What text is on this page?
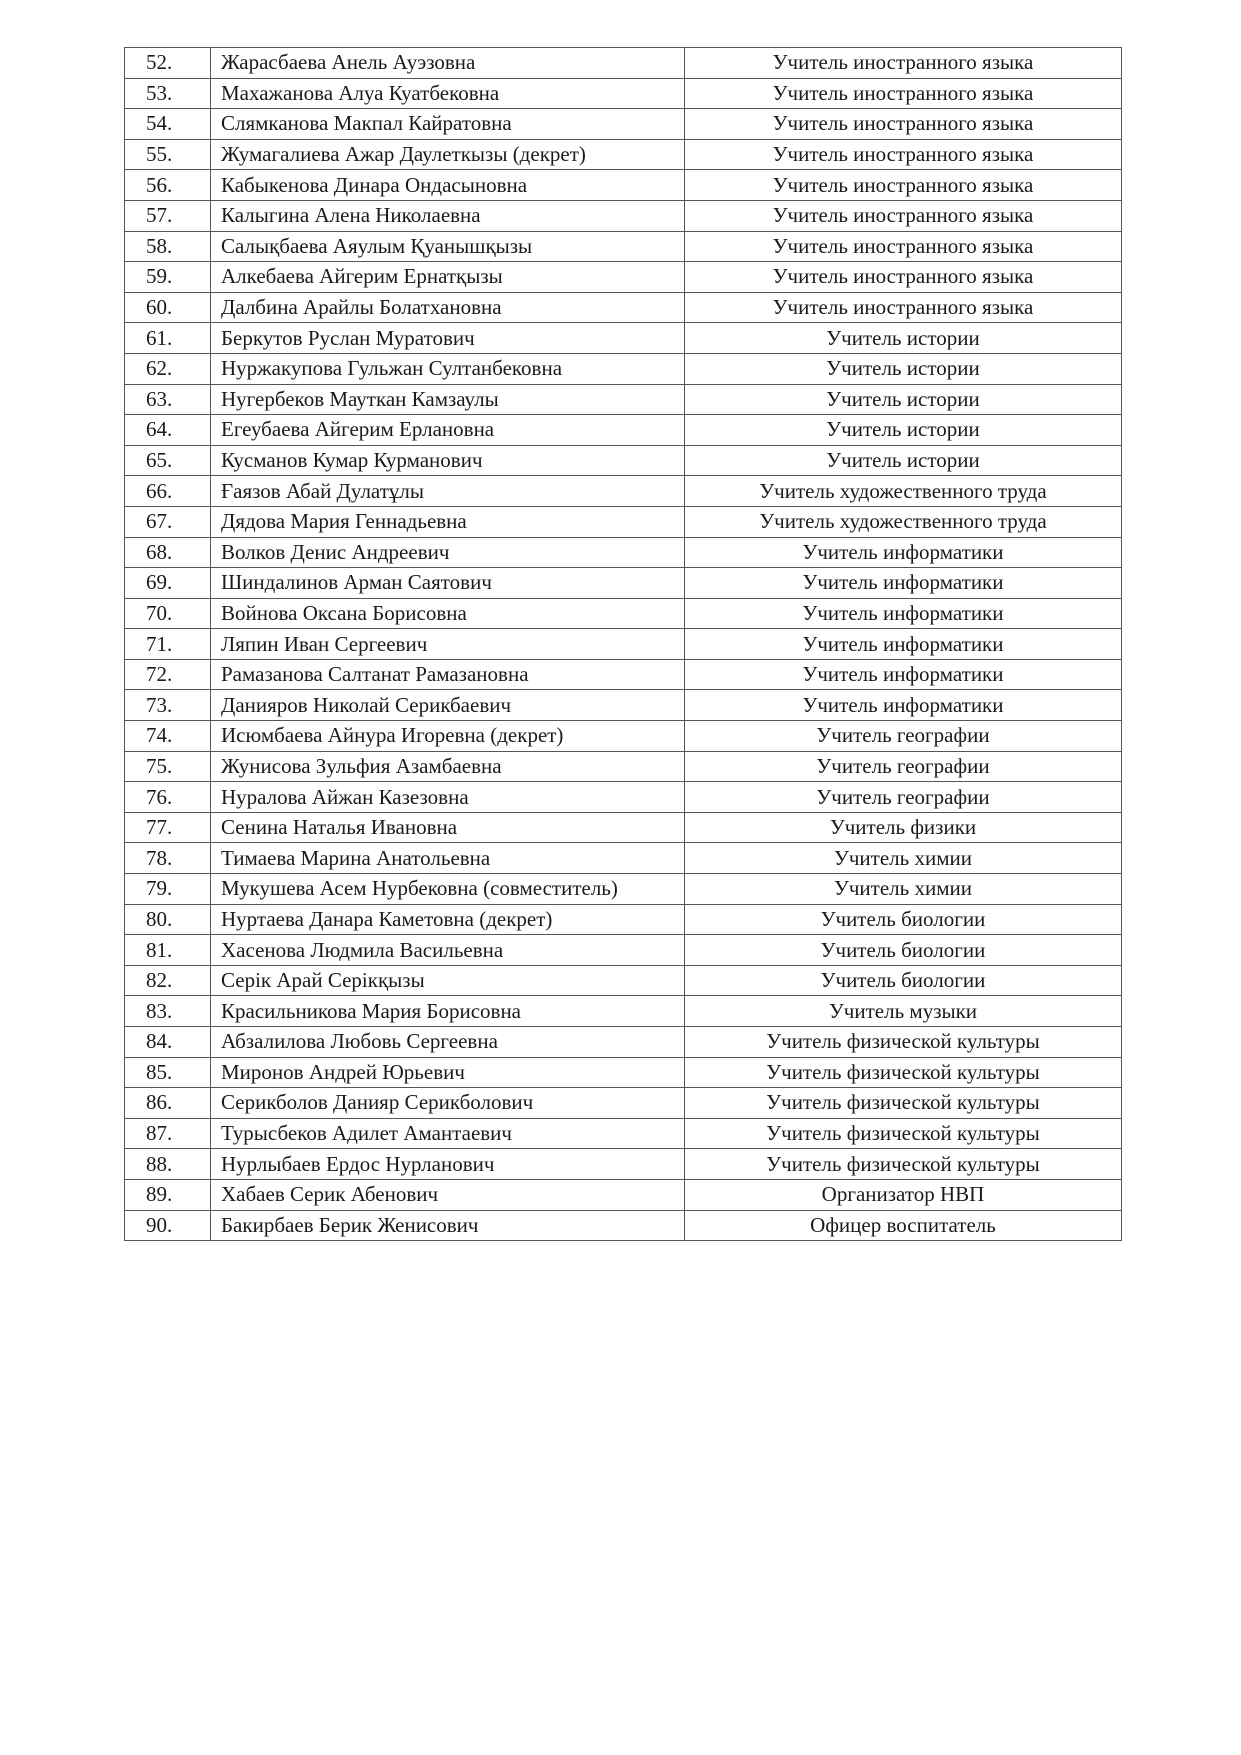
52.	Жарасбаева Анель Ауэзовна	Учитель иностранного языка
53.	Махажанова Алуа Куатбековна	Учитель иностранного языка
54.	Слямканова Макпал Кайратовна	Учитель иностранного языка
55.	Жумагалиева Ажар Даулеткызы (декрет)	Учитель иностранного языка
56.	Кабыкенова Динара Ондасыновна	Учитель иностранного языка
57.	Калыгина Алена Николаевна	Учитель иностранного языка
58.	Салықбаева Аяулым Қуанышқызы	Учитель иностранного языка
59.	Алкебаева Айгерим Ернатқызы	Учитель иностранного языка
60.	Далбина Арайлы Болатхановна	Учитель иностранного языка
61.	Беркутов Руслан Муратович	Учитель истории
62.	Нуржакупова Гульжан Султанбековна	Учитель истории
63.	Нугербеков Мауткан Камзаулы	Учитель истории
64.	Егеубаева Айгерим Ерлановна	Учитель истории
65.	Кусманов Кумар Курманович	Учитель истории
66.	Ғаязов Абай Дулатұлы	Учитель художественного труда
67.	Дядова Мария Геннадьевна	Учитель художественного труда
68.	Волков Денис Андреевич	Учитель информатики
69.	Шиндалинов Арман Саятович	Учитель информатики
70.	Войнова Оксана Борисовна	Учитель информатики
71.	Ляпин Иван Сергеевич	Учитель информатики
72.	Рамазанова Салтанат Рамазановна	Учитель информатики
73.	Данияров Николай Серикбаевич	Учитель информатики
74.	Исюмбаева Айнура Игоревна (декрет)	Учитель географии
75.	Жунисова Зульфия Азамбаевна	Учитель географии
76.	Нуралова Айжан Казезовна	Учитель географии
77.	Сенина Наталья Ивановна	Учитель физики
78.	Тимаева Марина Анатольевна	Учитель химии
79.	Мукушева Асем Нурбековна (совместитель)	Учитель химии
80.	Нуртаева Данара Каметовна (декрет)	Учитель биологии
81.	Хасенова Людмила Васильевна	Учитель биологии
82.	Серік Арай Серікқызы	Учитель биологии
83.	Красильникова Мария Борисовна	Учитель музыки
84.	Абзалилова Любовь Сергеевна	Учитель физической культуры
85.	Миронов Андрей Юрьевич	Учитель физической культуры
86.	Серикболов Данияр Серикболович	Учитель физической культуры
87.	Турысбеков Адилет Амантаевич	Учитель физической культуры
88.	Нурлыбаев Ердос Нурланович	Учитель физической культуры
89.	Хабаев Серик Абенович	Организатор НВП
90.	Бакирбаев Берик Женисович	Офицер воспитатель
